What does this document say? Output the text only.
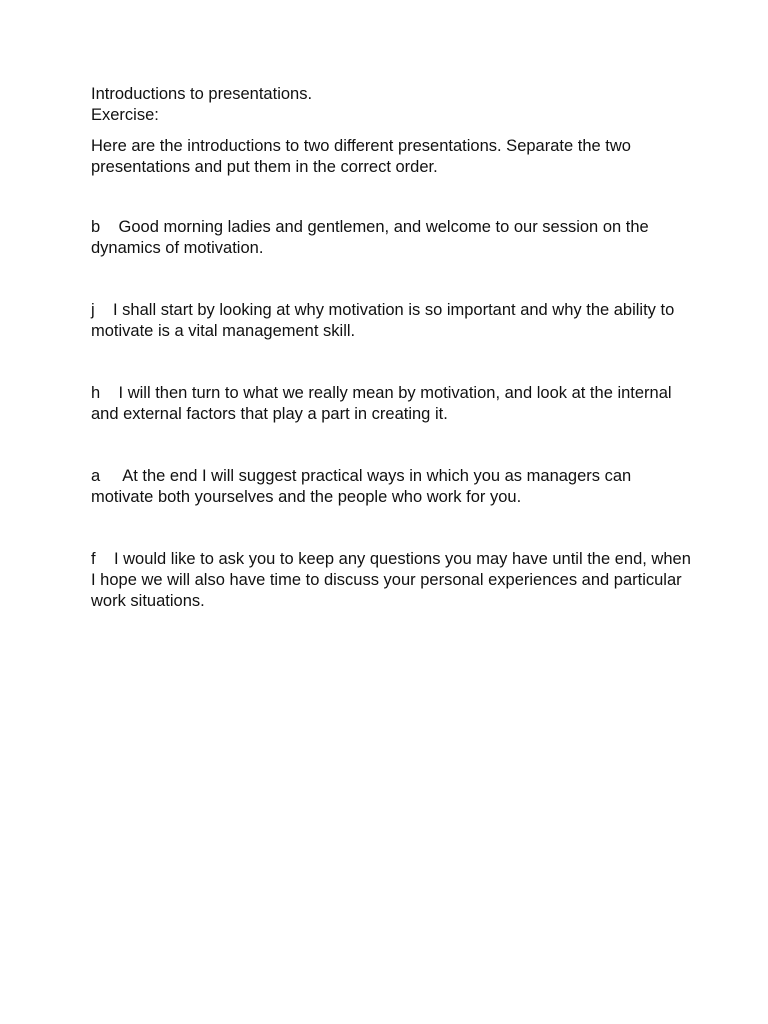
Introductions to presentations.

Exercise:

Here are the introductions to two different presentations. Separate the two presentations and put them in the correct order.

b Good morning ladies and gentlemen, and welcome to our session on the dynamics of motivation.

j I shall start by looking at why motivation is so important and why the ability to motivate is a vital management skill.

h I will then turn to what we really mean by motivation, and look at the internal and external factors that play a part in creating it.

a At the end I will suggest practical ways in which you as managers can motivate both yourselves and the people who work for you.

f I would like to ask you to keep any questions you may have until the end, when I hope we will also have time to discuss your personal experiences and particular work situations.
